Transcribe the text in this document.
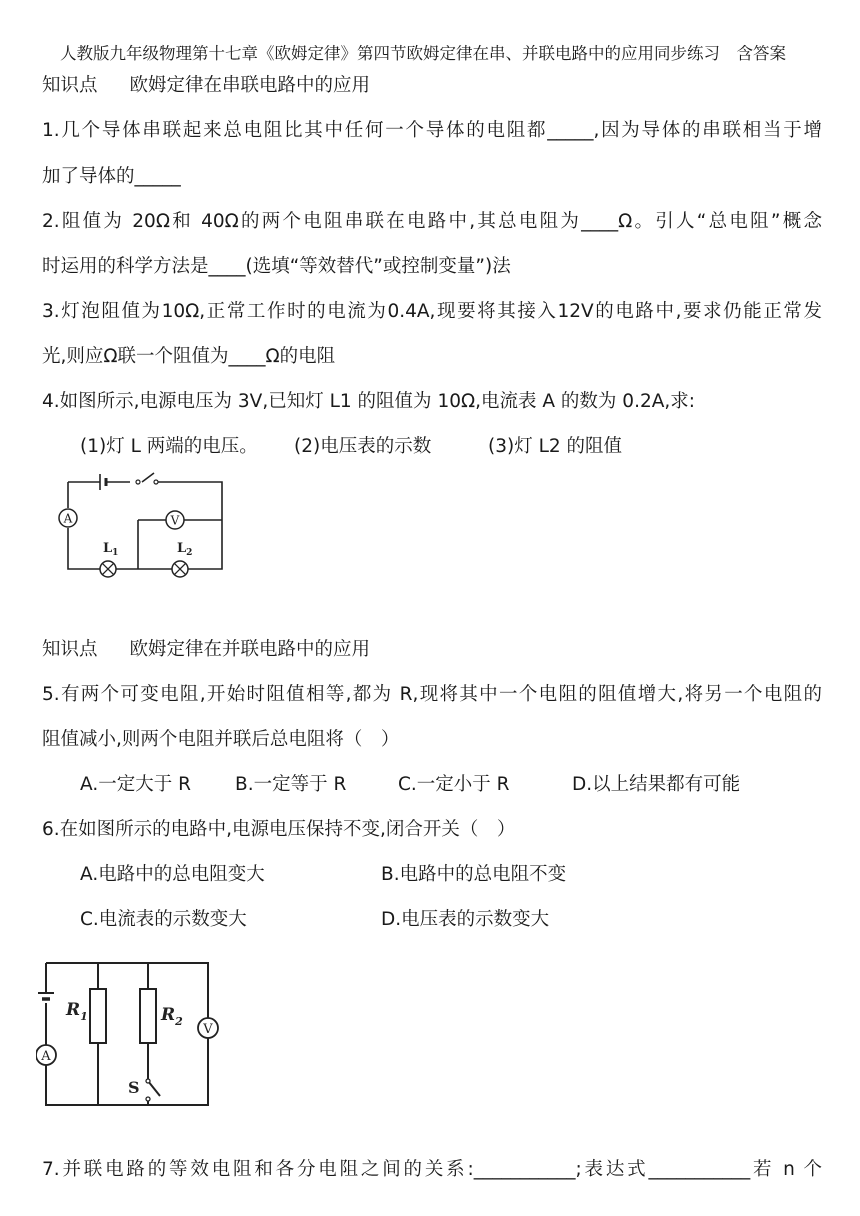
人教版九年级物理第十七章《欧姆定律》第四节欧姆定律在串、并联电路中的应用同步练习　含答案
知识点 欧姆定律在串联电路中的应用
1.几个导体串联起来总电阻比其中任何一个导体的电阻都_____,因为导体的串联相当于增
加了导体的_____
2.阻值为 20Ω和 40Ω的两个电阻串联在电路中,其总电阻为____Ω。引人“总电阻”概念
时运用的科学方法是____(选填“等效替代”或控制变量”)法
3.灯泡阻值为10Ω,正常工作时的电流为0.4A,现要将其接入12V的电路中,要求仍能正常发
光,则应Ω联一个阻值为____Ω的电阻
4.如图所示,电源电压为 3V,已知灯 L1 的阻值为 10Ω,电流表 A 的数为 0.2A,求:
(1)灯 L 两端的电压。 (2)电压表的示数	(3)灯 L2 的阻值
A	V
$L_1$	$L_2$
知识点 欧姆定律在并联电路中的应用
5.有两个可变电阻,开始时阻值相等,都为 R,现将其中一个电阻的阻值增大,将另一个电阻的
阻值减小,则两个电阻并联后总电阻将（　）
A.一定大于 R B.一定等于 R	C.一定小于 R	D.以上结果都有可能
6.在如图所示的电路中,电源电压保持不变,闭合开关（　）
A.电路中的总电阻变大	B.电路中的总电阻不变
C.电流表的示数变大	D.电压表的示数变大
$R_1$	$R_2$
S
V
A
7.并联电路的等效电阻和各分电阻之间的关系:___________;表达式___________若 n 个
